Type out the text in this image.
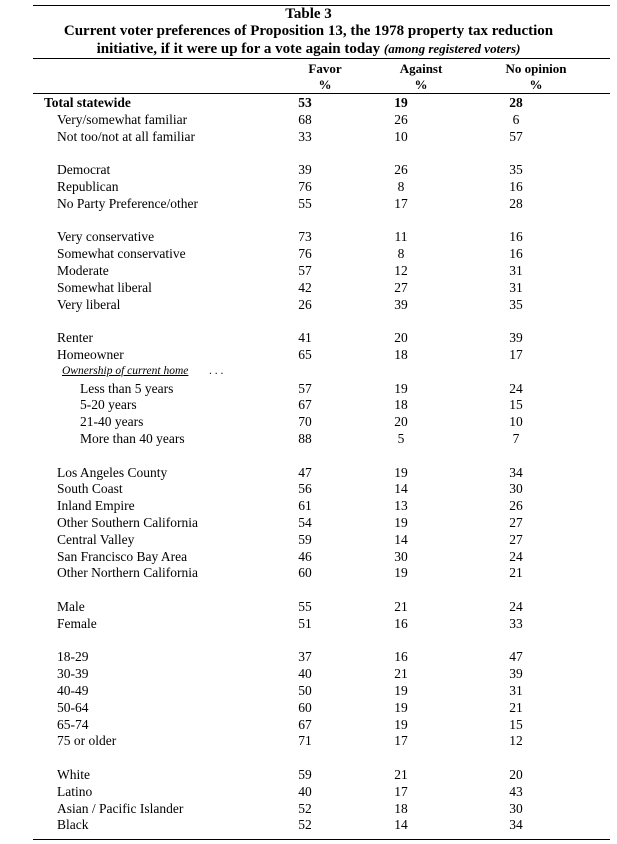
Table 3
Current voter preferences of Proposition 13, the 1978 property tax reduction
initiative, if it were up for a vote again today (among registered voters)
Favor
%
Against
%
No opinion
%
Total statewide	53	19	28
Very/somewhat familiar	68	26	6
Not too/not at all familiar	33	10	57
Democrat	39	26	35
Republican	76	8	16
No Party Preference/other	55	17	28
Very conservative	73	11	16
Somewhat conservative	76	8	16
Moderate	57	12	31
Somewhat liberal	42	27	31
Very liberal	26	39	35
Renter	41	20	39
Homeowner	65	18	17
Ownership of current home . . .
Less than 5 years	57	19	24
5-20 years	67	18	15
21-40 years	70	20	10
More than 40 years	88	5	7
Los Angeles County	47	19	34
South Coast	56	14	30
Inland Empire	61	13	26
Other Southern California	54	19	27
Central Valley	59	14	27
San Francisco Bay Area	46	30	24
Other Northern California	60	19	21
Male	55	21	24
Female	51	16	33
18-29	37	16	47
30-39	40	21	39
40-49	50	19	31
50-64	60	19	21
65-74	67	19	15
75 or older	71	17	12
White	59	21	20
Latino	40	17	43
Asian / Pacific Islander	52	18	30
Black	52	14	34
